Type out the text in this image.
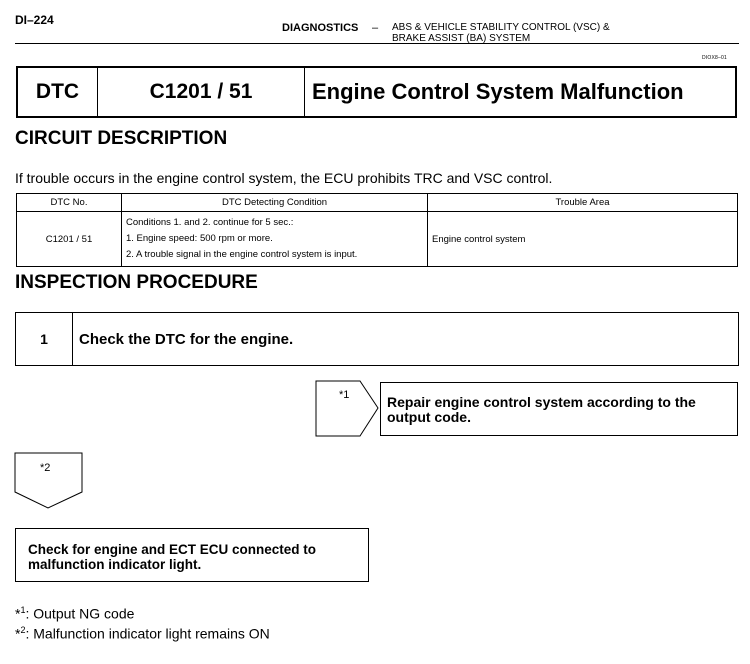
DI–224
DIAGNOSTICS – ABS & VEHICLE STABILITY CONTROL (VSC) &
BRAKE ASSIST (BA) SYSTEM
DIOX8–01
DTC	C1201 / 51	Engine Control System Malfunction
CIRCUIT DESCRIPTION
If trouble occurs in the engine control system, the ECU prohibits TRC and VSC control.
DTC No.	DTC Detecting Condition	Trouble Area
C1201 / 51	Conditions 1. and 2. continue for 5 sec.:
1. Engine speed: 500 rpm or more.
2. A trouble signal in the engine control system is input.	Engine control system
INSPECTION PROCEDURE
1	Check the DTC for the engine.
*1	Repair engine control system according to the
output code.
*2
Check for engine and ECT ECU connected to
malfunction indicator light.
*$^1$: Output NG code
*$^2$: Malfunction indicator light remains ON
